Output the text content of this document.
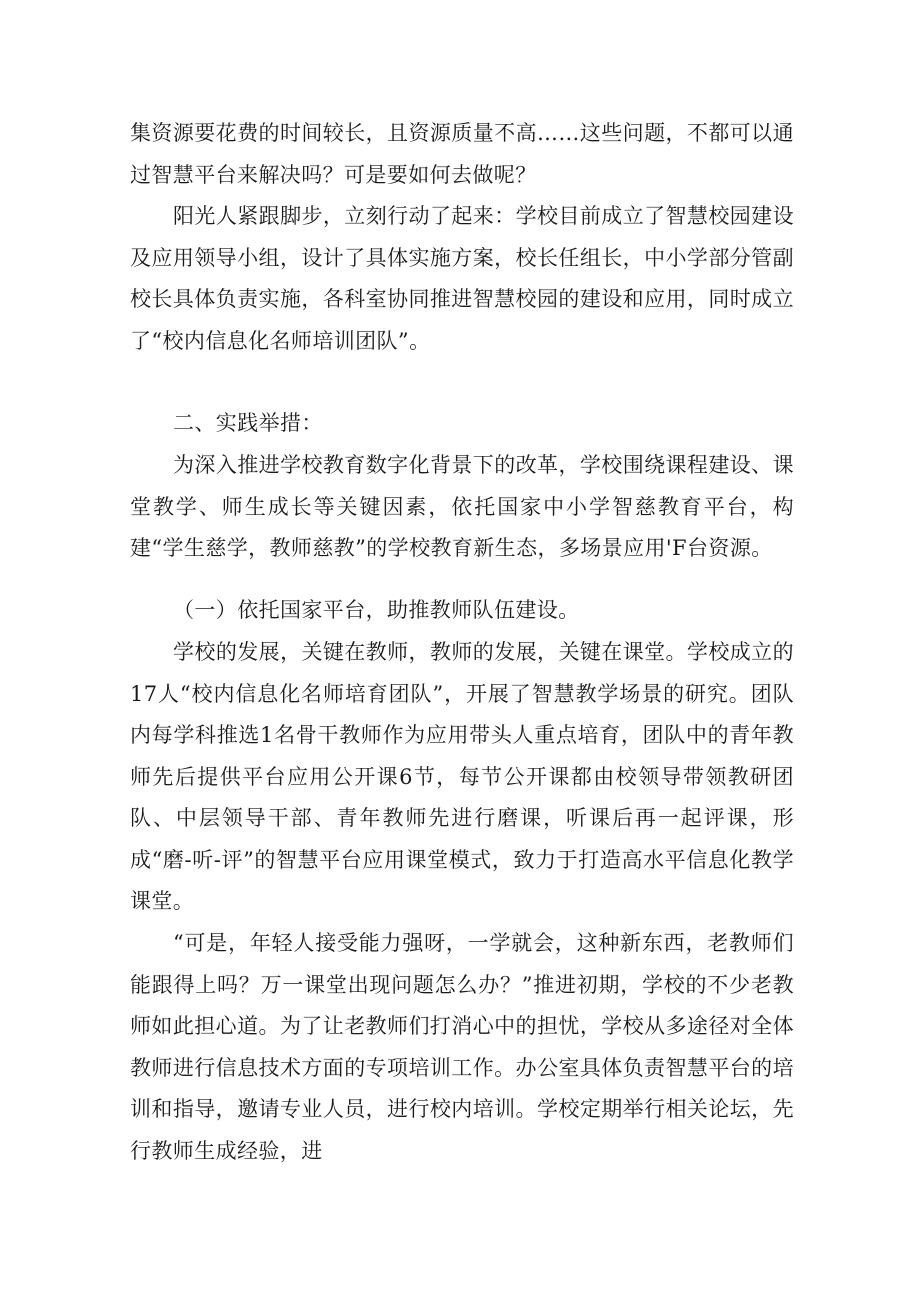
集资源要花费的时间较长，且资源质量不高……这些问题，不都可以通过智慧平台来解决吗？可是要如何去做呢？

阳光人紧跟脚步，立刻行动了起来：学校目前成立了智慧校园建设及应用领导小组，设计了具体实施方案，校长任组长，中小学部分管副校长具体负责实施，各科室协同推进智慧校园的建设和应用，同时成立了“校内信息化名师培训团队”。

二、实践举措：

为深入推进学校教育数字化背景下的改革，学校围绕课程建设、课堂教学、师生成长等关键因素，依托国家中小学智慈教育平台，构建“学生慈学，教师慈教”的学校教育新生态，多场景应用'F台资源。

（一）依托国家平台，助推教师队伍建设。

学校的发展，关键在教师，教师的发展，关键在课堂。学校成立的17人“校内信息化名师培育团队”，开展了智慧教学场景的研究。团队内每学科推选1名骨干教师作为应用带头人重点培育，团队中的青年教师先后提供平台应用公开课6节，每节公开课都由校领导带领教研团队、中层领导干部、青年教师先进行磨课，听课后再一起评课，形成“磨-听-评”的智慧平台应用课堂模式，致力于打造高水平信息化教学课堂。

“可是，年轻人接受能力强呀，一学就会，这种新东西，老教师们能跟得上吗？万一课堂出现问题怎么办？”推进初期，学校的不少老教师如此担心道。为了让老教师们打消心中的担忧，学校从多途径对全体教师进行信息技术方面的专项培训工作。办公室具体负责智慧平台的培训和指导，邀请专业人员，进行校内培训。学校定期举行相关论坛，先行教师生成经验，进
